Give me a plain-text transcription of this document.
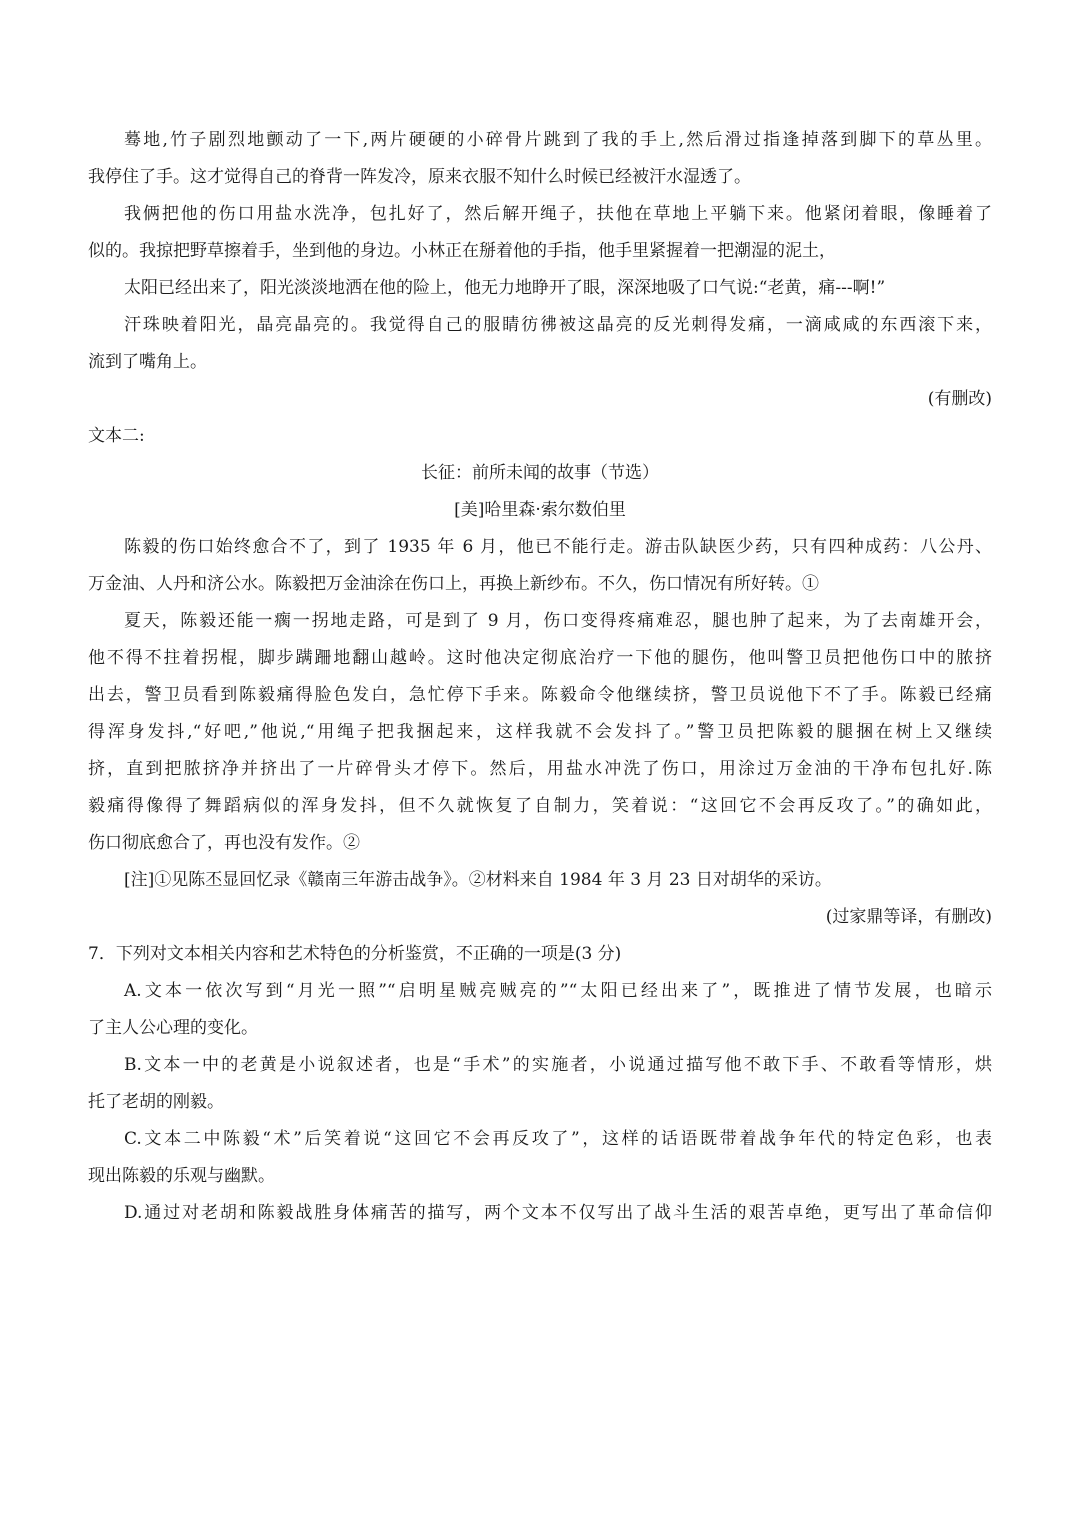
蓦地,竹子剧烈地颤动了一下,两片硬硬的小碎骨片跳到了我的手上,然后滑过指逢掉落到脚下的草丛里。
我停住了手。这才觉得自己的脊背一阵发冷，原来衣服不知什么时候已经被汗水湿透了。
我俩把他的伤口用盐水洗净，包扎好了，然后解开绳子，扶他在草地上平躺下来。他紧闭着眼，像睡着了
似的。我掠把野草擦着手，坐到他的身边。小林正在掰着他的手指，他手里紧握着一把潮湿的泥土，
太阳已经出来了，阳光淡淡地洒在他的险上，他无力地睁开了眼，深深地吸了口气说:“老黄，痛---啊!”
汗珠映着阳光，晶亮晶亮的。我觉得自己的服睛彷彿被这晶亮的反光刺得发痛，一滴咸咸的东西滚下来，
流到了嘴角上。
(有删改)
文本二:
长征：前所未闻的故事（节选）
[美]哈里森·索尔数伯里
陈毅的伤口始终愈合不了，到了 1935 年 6 月，他已不能行走。游击队缺医少药，只有四种成药：八公丹、
万金油、人丹和济公水。陈毅把万金油涂在伤口上，再换上新纱布。不久，伤口情况有所好转。①
夏天，陈毅还能一瘸一拐地走路，可是到了 9 月，伤口变得疼痛难忍，腿也肿了起来，为了去南雄开会，
他不得不拄着拐棍，脚步蹒跚地翻山越岭。这时他决定彻底治疗一下他的腿伤，他叫警卫员把他伤口中的脓挤
出去，警卫员看到陈毅痛得脸色发白，急忙停下手来。陈毅命令他继续挤，警卫员说他下不了手。陈毅已经痛
得浑身发抖,“好吧,”他说,“用绳子把我捆起来，这样我就不会发抖了。”警卫员把陈毅的腿捆在树上又继续
挤，直到把脓挤净并挤出了一片碎骨头才停下。然后，用盐水冲洗了伤口，用涂过万金油的干净布包扎好.陈
毅痛得像得了舞蹈病似的浑身发抖，但不久就恢复了自制力，笑着说：“这回它不会再反攻了。”的确如此，
伤口彻底愈合了，再也没有发作。②
[注]①见陈丕显回忆录《赣南三年游击战争》。②材料来自 1984 年 3 月 23 日对胡华的采访。
(过家鼎等译，有删改)
7．下列对文本相关内容和艺术特色的分析鉴赏，不正确的一项是(3 分)
A.文本一依次写到“月光一照”“启明星贼亮贼亮的”“太阳已经出来了”，既推进了情节发展，也暗示
了主人公心理的变化。
B.文本一中的老黄是小说叙述者，也是“手术”的实施者，小说通过描写他不敢下手、不敢看等情形，烘
托了老胡的刚毅。
C.文本二中陈毅“术”后笑着说“这回它不会再反攻了”，这样的话语既带着战争年代的特定色彩，也表
现出陈毅的乐观与幽默。
D.通过对老胡和陈毅战胜身体痛苦的描写，两个文本不仅写出了战斗生活的艰苦卓绝，更写出了革命信仰
